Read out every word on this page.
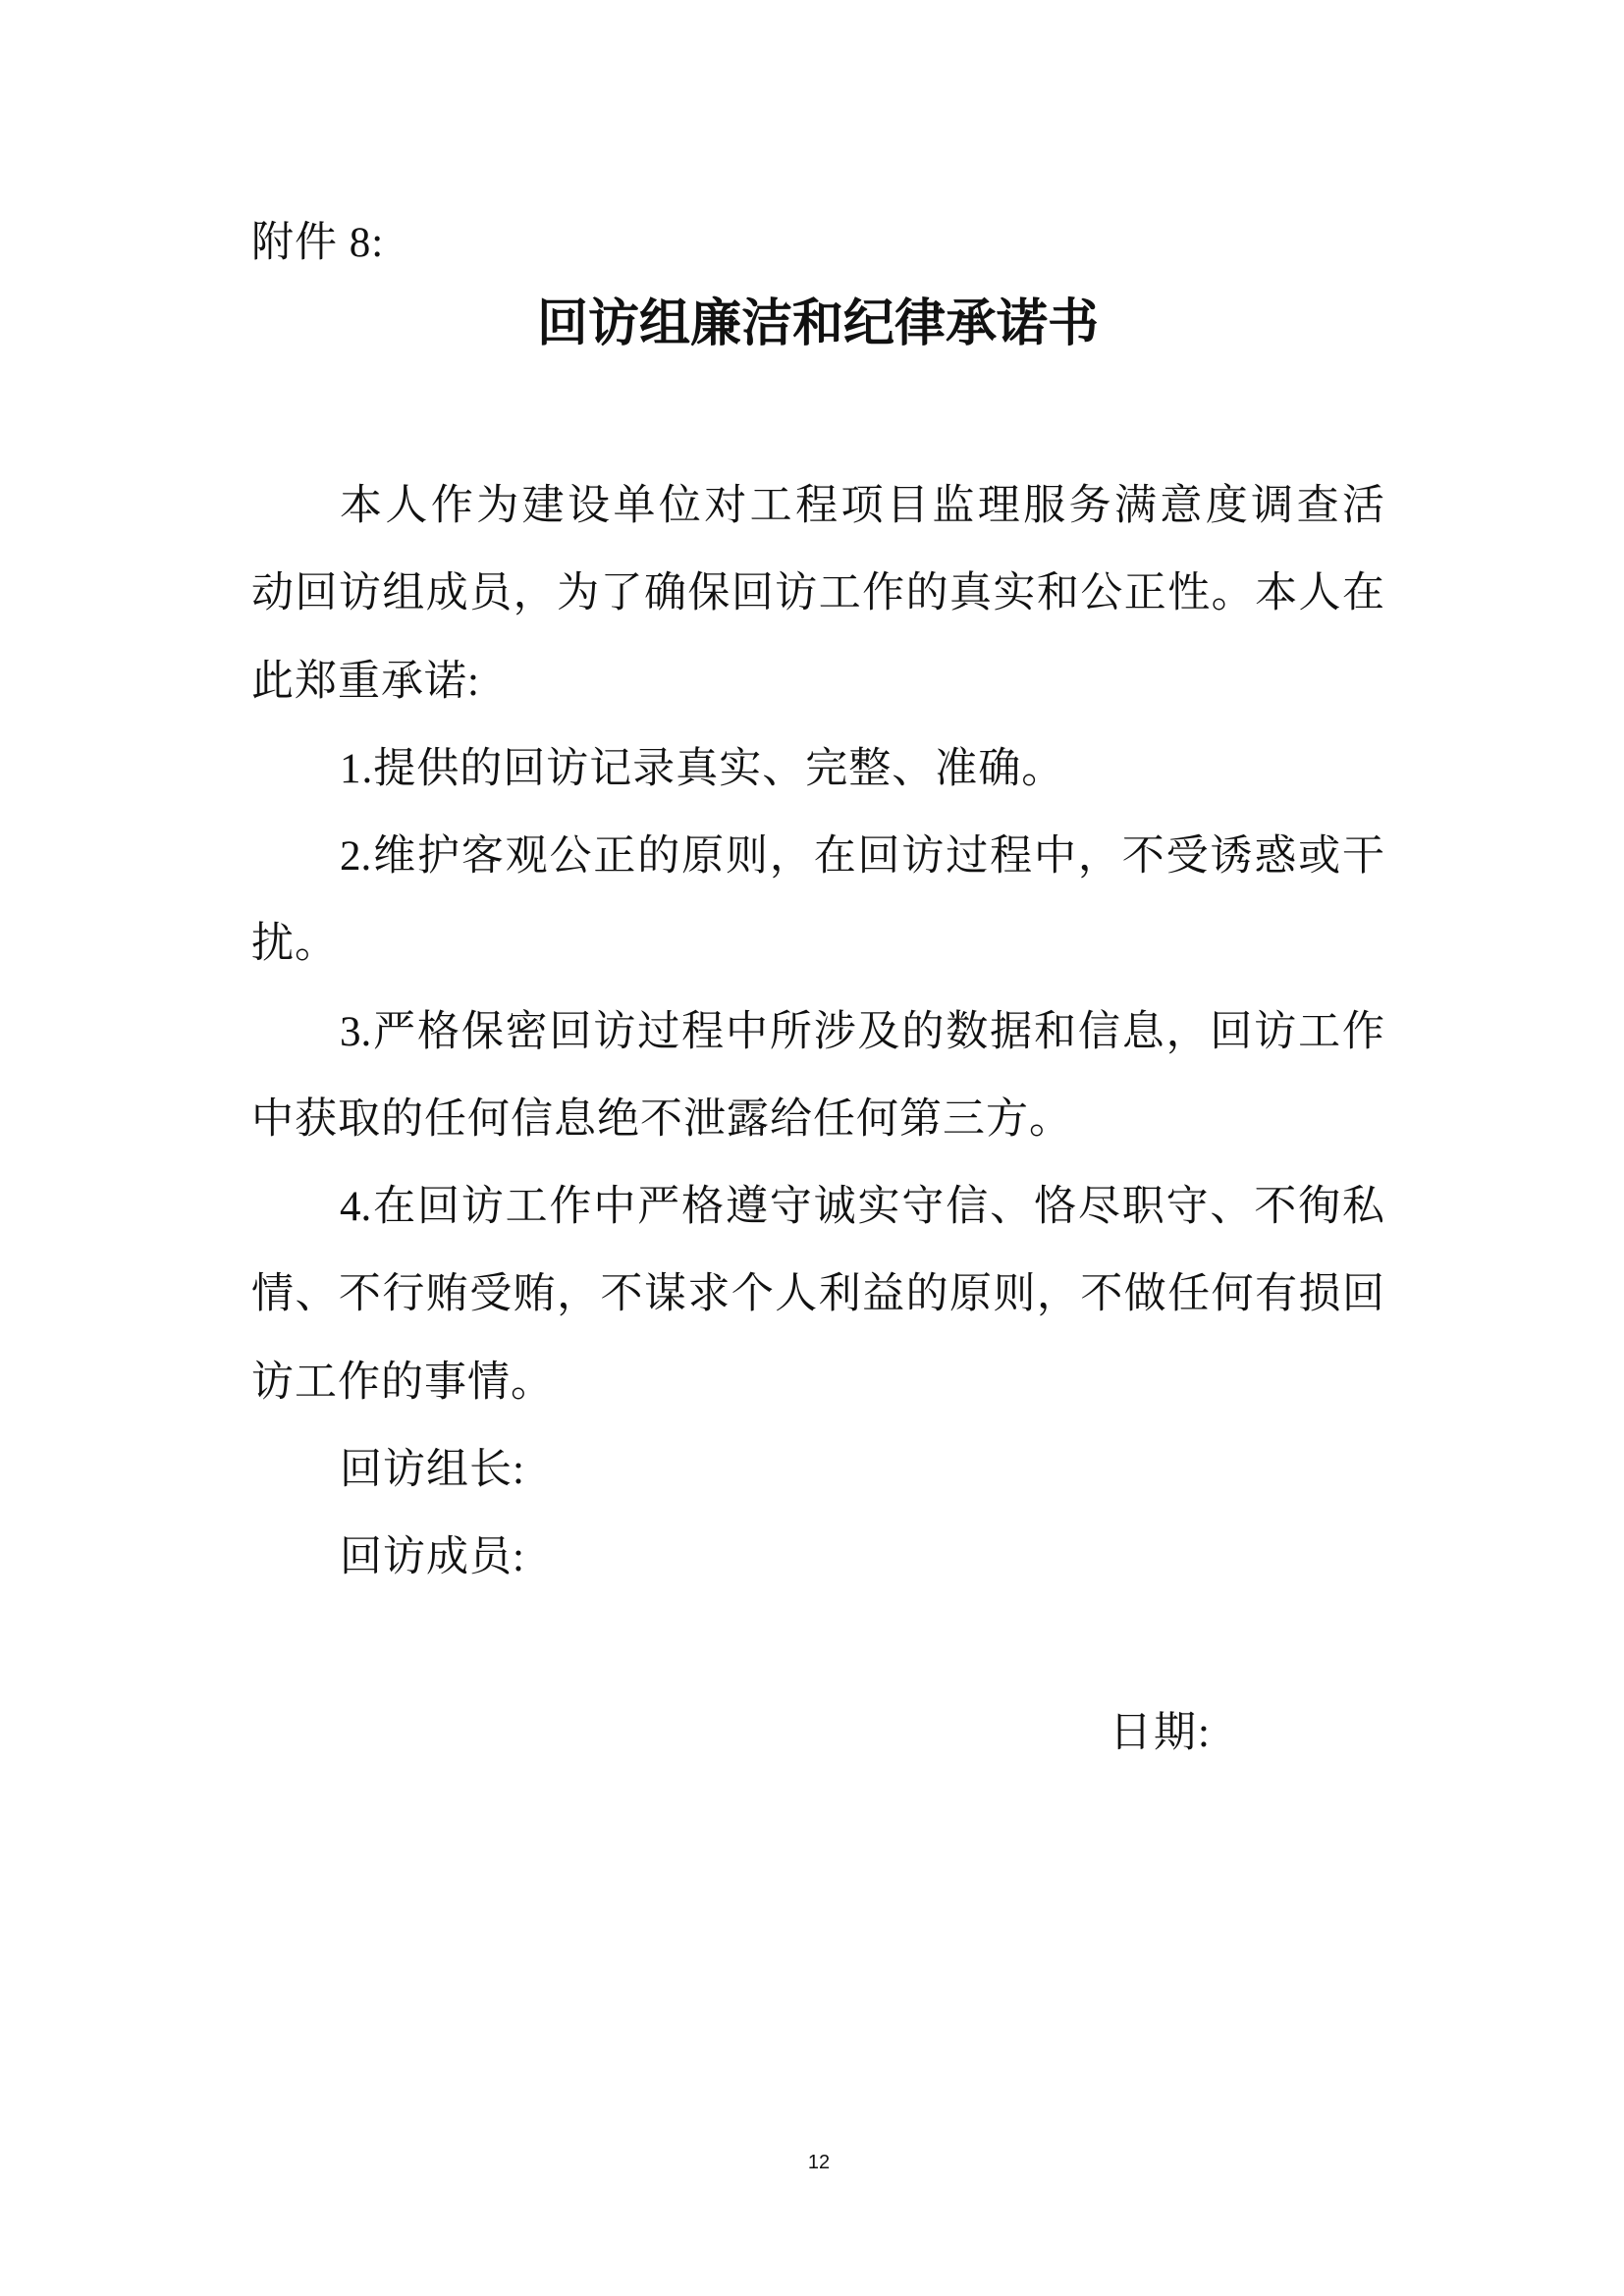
附件 8:
回访组廉洁和纪律承诺书
本人作为建设单位对工程项目监理服务满意度调查活
动回访组成员，为了确保回访工作的真实和公正性。本人在
此郑重承诺:
1.提供的回访记录真实、完整、准确。
2.维护客观公正的原则，在回访过程中，不受诱惑或干
扰。
3.严格保密回访过程中所涉及的数据和信息，回访工作
中获取的任何信息绝不泄露给任何第三方。
4.在回访工作中严格遵守诚实守信、恪尽职守、不徇私
情、不行贿受贿，不谋求个人利益的原则，不做任何有损回
访工作的事情。
回访组长:
回访成员:
日期:
12
